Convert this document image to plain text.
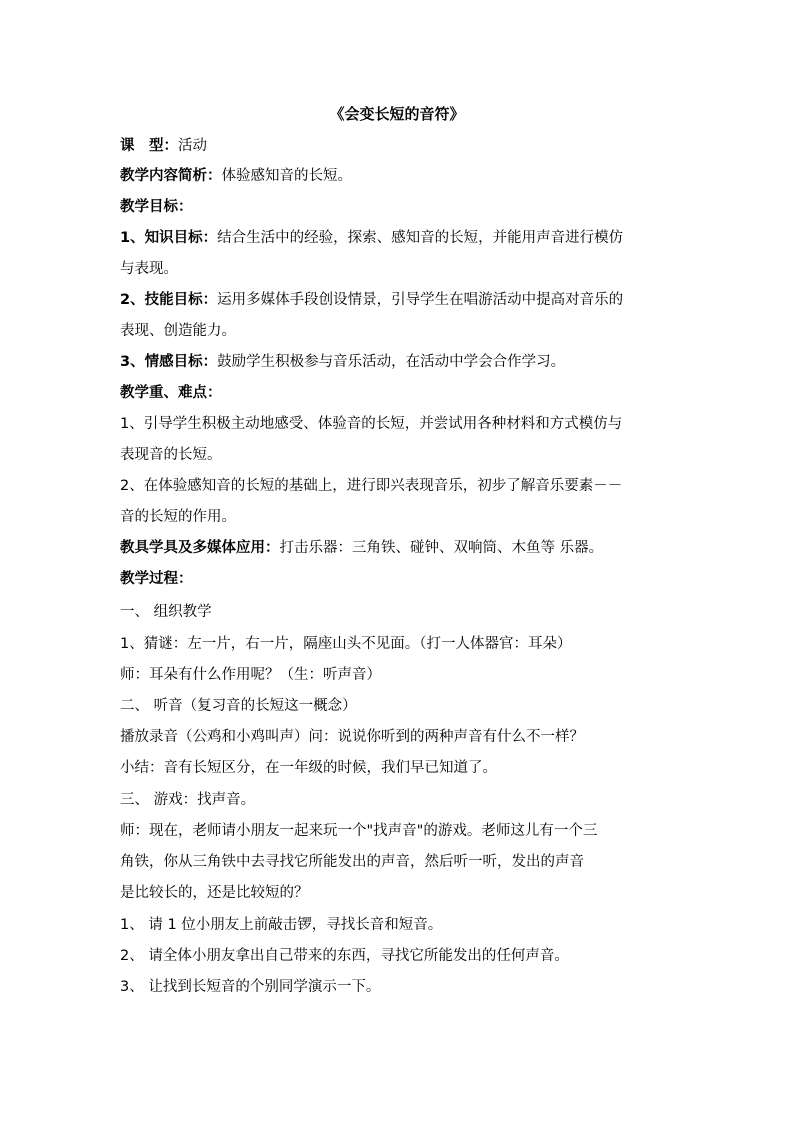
《会变长短的音符》
课　型：活动
教学内容简析：体验感知音的长短。
教学目标：
1、知识目标：结合生活中的经验，探索、感知音的长短，并能用声音进行模仿
与表现。
2、技能目标：运用多媒体手段创设情景，引导学生在唱游活动中提高对音乐的
表现、创造能力。
3、情感目标：鼓励学生积极参与音乐活动，在活动中学会合作学习。
教学重、难点：
1、引导学生积极主动地感受、体验音的长短，并尝试用各种材料和方式模仿与
表现音的长短。
2、在体验感知音的长短的基础上，进行即兴表现音乐，初步了解音乐要素－－
音的长短的作用。
教具学具及多媒体应用：打击乐器：三角铁、碰钟、双响筒、木鱼等 乐器。
教学过程：
一、 组织教学
1、猜谜：左一片，右一片，隔座山头不见面。（打一人体器官：耳朵）
师：耳朵有什么作用呢？（生：听声音）
二、 听音（复习音的长短这一概念）
播放录音（公鸡和小鸡叫声）问：说说你听到的两种声音有什么不一样？
小结：音有长短区分，在一年级的时候，我们早已知道了。
三、 游戏：找声音。
师：现在，老师请小朋友一起来玩一个"找声音"的游戏。老师这儿有一个三
角铁，你从三角铁中去寻找它所能发出的声音，然后听一听，发出的声音
是比较长的，还是比较短的？
1、 请 1 位小朋友上前敲击锣，寻找长音和短音。
2、 请全体小朋友拿出自己带来的东西，寻找它所能发出的任何声音。
3、 让找到长短音的个别同学演示一下。
